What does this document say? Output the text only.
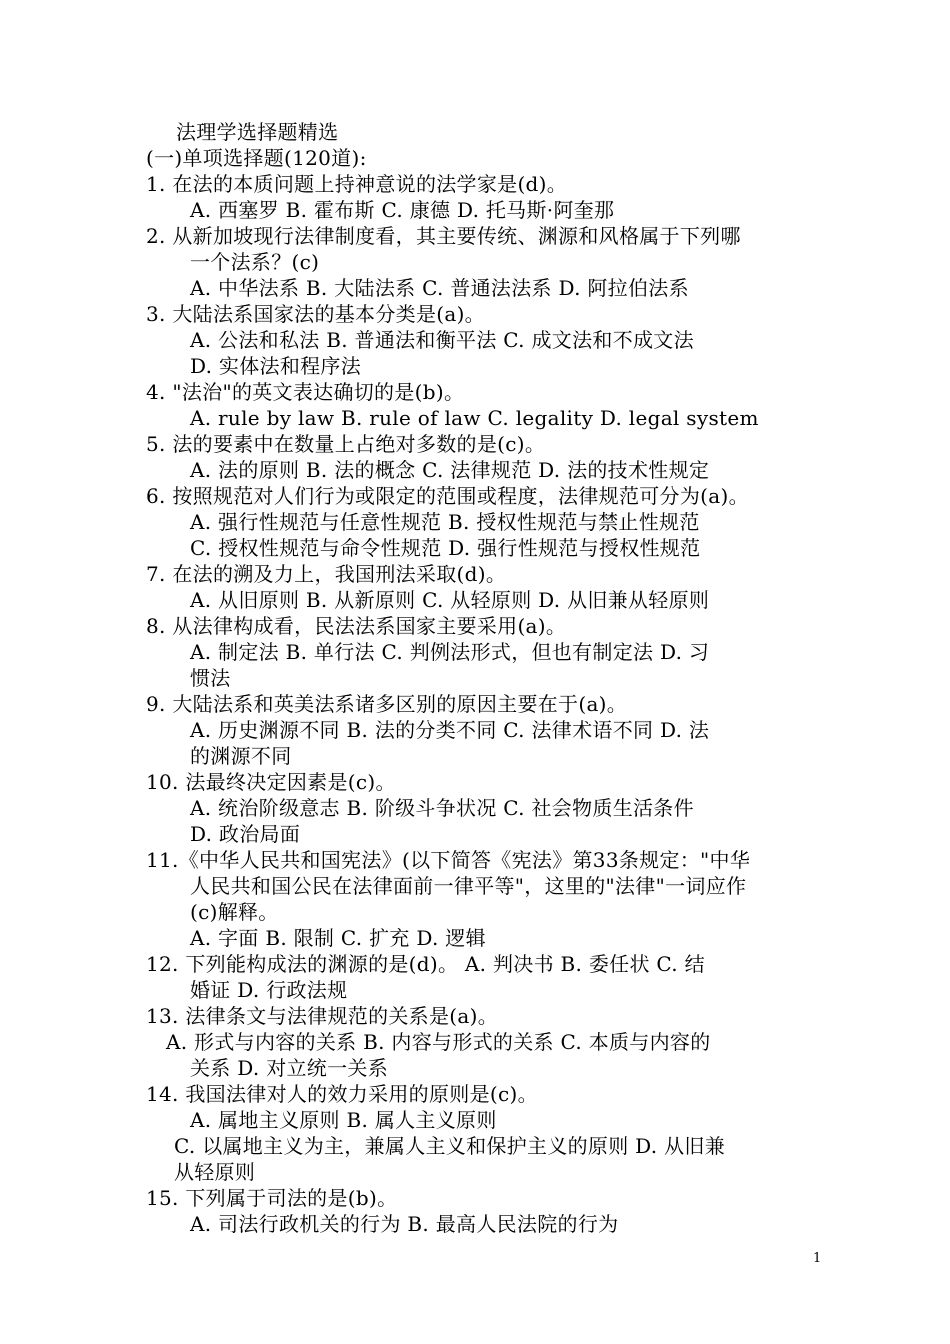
法理学选择题精选
(一)单项选择题(120道):
1. 在法的本质问题上持神意说的法学家是(d)。
A. 西塞罗 B. 霍布斯 C. 康德 D. 托马斯·阿奎那
2. 从新加坡现行法律制度看，其主要传统、渊源和风格属于下列哪
一个法系？(c)
A. 中华法系 B. 大陆法系 C. 普通法法系 D. 阿拉伯法系
3. 大陆法系国家法的基本分类是(a)。
A. 公法和私法 B. 普通法和衡平法 C. 成文法和不成文法
D. 实体法和程序法
4. "法治"的英文表达确切的是(b)。
A. rule by law B. rule of law C. legality D. legal system
5. 法的要素中在数量上占绝对多数的是(c)。
A. 法的原则 B. 法的概念 C. 法律规范 D. 法的技术性规定
6. 按照规范对人们行为或限定的范围或程度，法律规范可分为(a)。
A. 强行性规范与任意性规范 B. 授权性规范与禁止性规范
C. 授权性规范与命令性规范 D. 强行性规范与授权性规范
7. 在法的溯及力上，我国刑法采取(d)。
A. 从旧原则 B. 从新原则 C. 从轻原则 D. 从旧兼从轻原则
8. 从法律构成看，民法法系国家主要采用(a)。
A. 制定法 B. 单行法 C. 判例法形式，但也有制定法 D. 习
惯法
9. 大陆法系和英美法系诸多区别的原因主要在于(a)。
A. 历史渊源不同 B. 法的分类不同 C. 法律术语不同 D. 法
的渊源不同
10. 法最终决定因素是(c)。
A. 统治阶级意志 B. 阶级斗争状况 C. 社会物质生活条件
D. 政治局面
11.《中华人民共和国宪法》(以下简答《宪法》第33条规定："中华
人民共和国公民在法律面前一律平等"，这里的"法律"一词应作
(c)解释。
A. 字面 B. 限制 C. 扩充 D. 逻辑
12. 下列能构成法的渊源的是(d)。 A. 判决书 B. 委任状 C. 结
婚证 D. 行政法规
13. 法律条文与法律规范的关系是(a)。
A. 形式与内容的关系 B. 内容与形式的关系 C. 本质与内容的
关系 D. 对立统一关系
14. 我国法律对人的效力采用的原则是(c)。
A. 属地主义原则 B. 属人主义原则
C. 以属地主义为主，兼属人主义和保护主义的原则 D. 从旧兼
从轻原则
15. 下列属于司法的是(b)。
A. 司法行政机关的行为 B. 最高人民法院的行为
1
